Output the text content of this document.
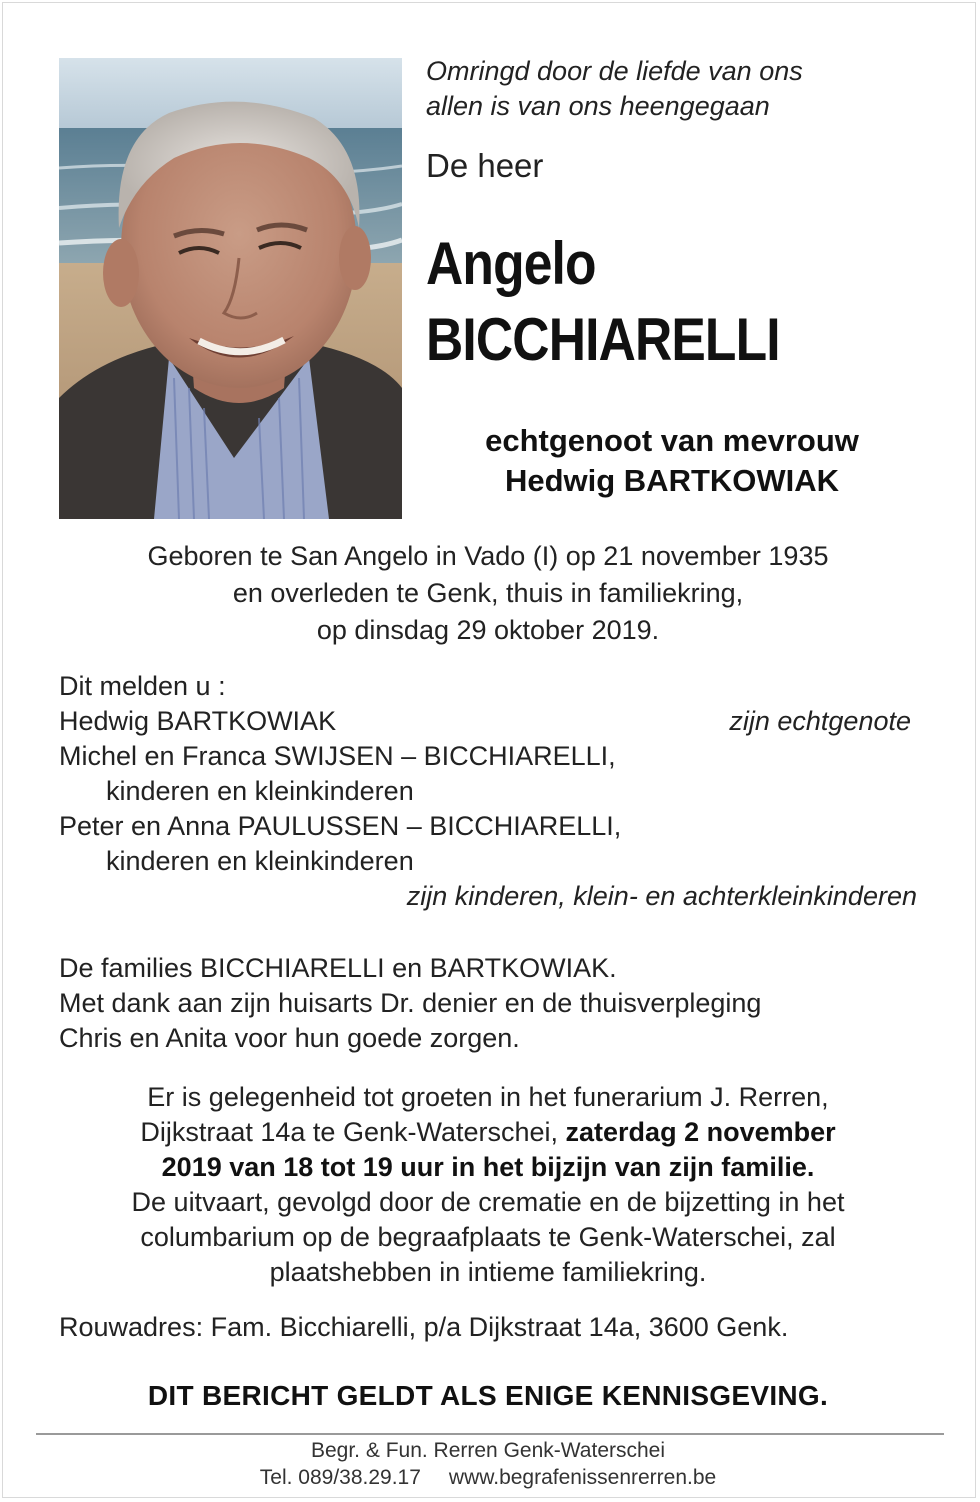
Omringd door de liefde van ons
allen is van ons heengegaan
De heer
Angelo
BICCHIARELLI
echtgenoot van mevrouw
Hedwig BARTKOWIAK
Geboren te San Angelo in Vado (I) op 21 november 1935
en overleden te Genk, thuis in familiekring,
op dinsdag 29 oktober 2019.
Dit melden u :
Hedwig BARTKOWIAK	zijn echtgenote
Michel en Franca SWIJSEN – BICCHIARELLI,
kinderen en kleinkinderen
Peter en Anna PAULUSSEN – BICCHIARELLI,
kinderen en kleinkinderen
zijn kinderen, klein- en achterkleinkinderen
De families BICCHIARELLI en BARTKOWIAK.
Met dank aan zijn huisarts Dr. denier en de thuisverpleging
Chris en Anita voor hun goede zorgen.
Er is gelegenheid tot groeten in het funerarium J. Rerren,
Dijkstraat 14a te Genk-Waterschei, zaterdag 2 november
2019 van 18 tot 19 uur in het bijzijn van zijn familie.
De uitvaart, gevolgd door de crematie en de bijzetting in het
columbarium op de begraafplaats te Genk-Waterschei, zal
plaatshebben in intieme familiekring.
Rouwadres: Fam. Bicchiarelli, p/a Dijkstraat 14a, 3600 Genk.
DIT BERICHT GELDT ALS ENIGE KENNISGEVING.
Begr. & Fun. Rerren Genk-Waterschei
Tel. 089/38.29.17 www.begrafenissenrerren.be
